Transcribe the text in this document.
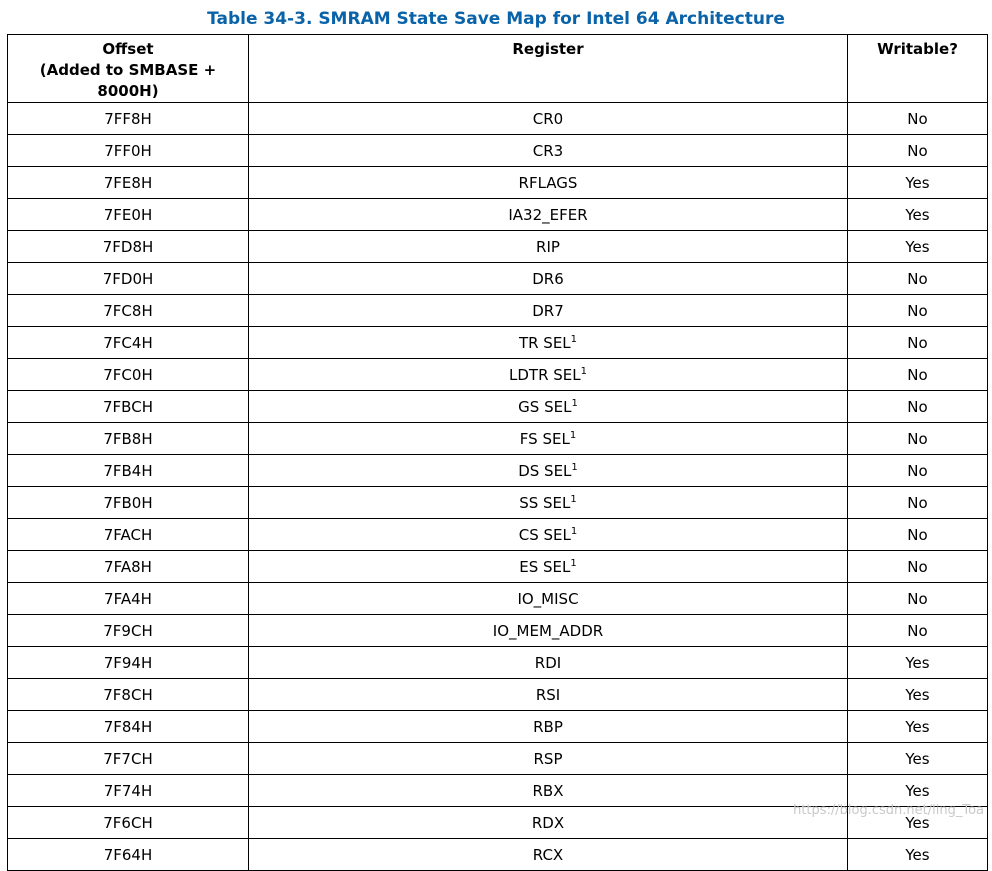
Table 34-3. SMRAM State Save Map for Intel 64 Architecture
Offset
(Added to SMBASE + 8000H)	Register	Writable?
7FF8H	CR0	No
7FF0H	CR3	No
7FE8H	RFLAGS	Yes
7FE0H	IA32_EFER	Yes
7FD8H	RIP	Yes
7FD0H	DR6	No
7FC8H	DR7	No
7FC4H	TR SEL$^1$	No
7FC0H	LDTR SEL$^1$	No
7FBCH	GS SEL$^1$	No
7FB8H	FS SEL$^1$	No
7FB4H	DS SEL$^1$	No
7FB0H	SS SEL$^1$	No
7FACH	CS SEL$^1$	No
7FA8H	ES SEL$^1$	No
7FA4H	IO_MISC	No
7F9CH	IO_MEM_ADDR	No
7F94H	RDI	Yes
7F8CH	RSI	Yes
7F84H	RBP	Yes
7F7CH	RSP	Yes
7F74H	RBX	Yes
7F6CH	RDX	Yes
7F64H	RCX	Yes
https://blog.csdn.net/ling_Toa
